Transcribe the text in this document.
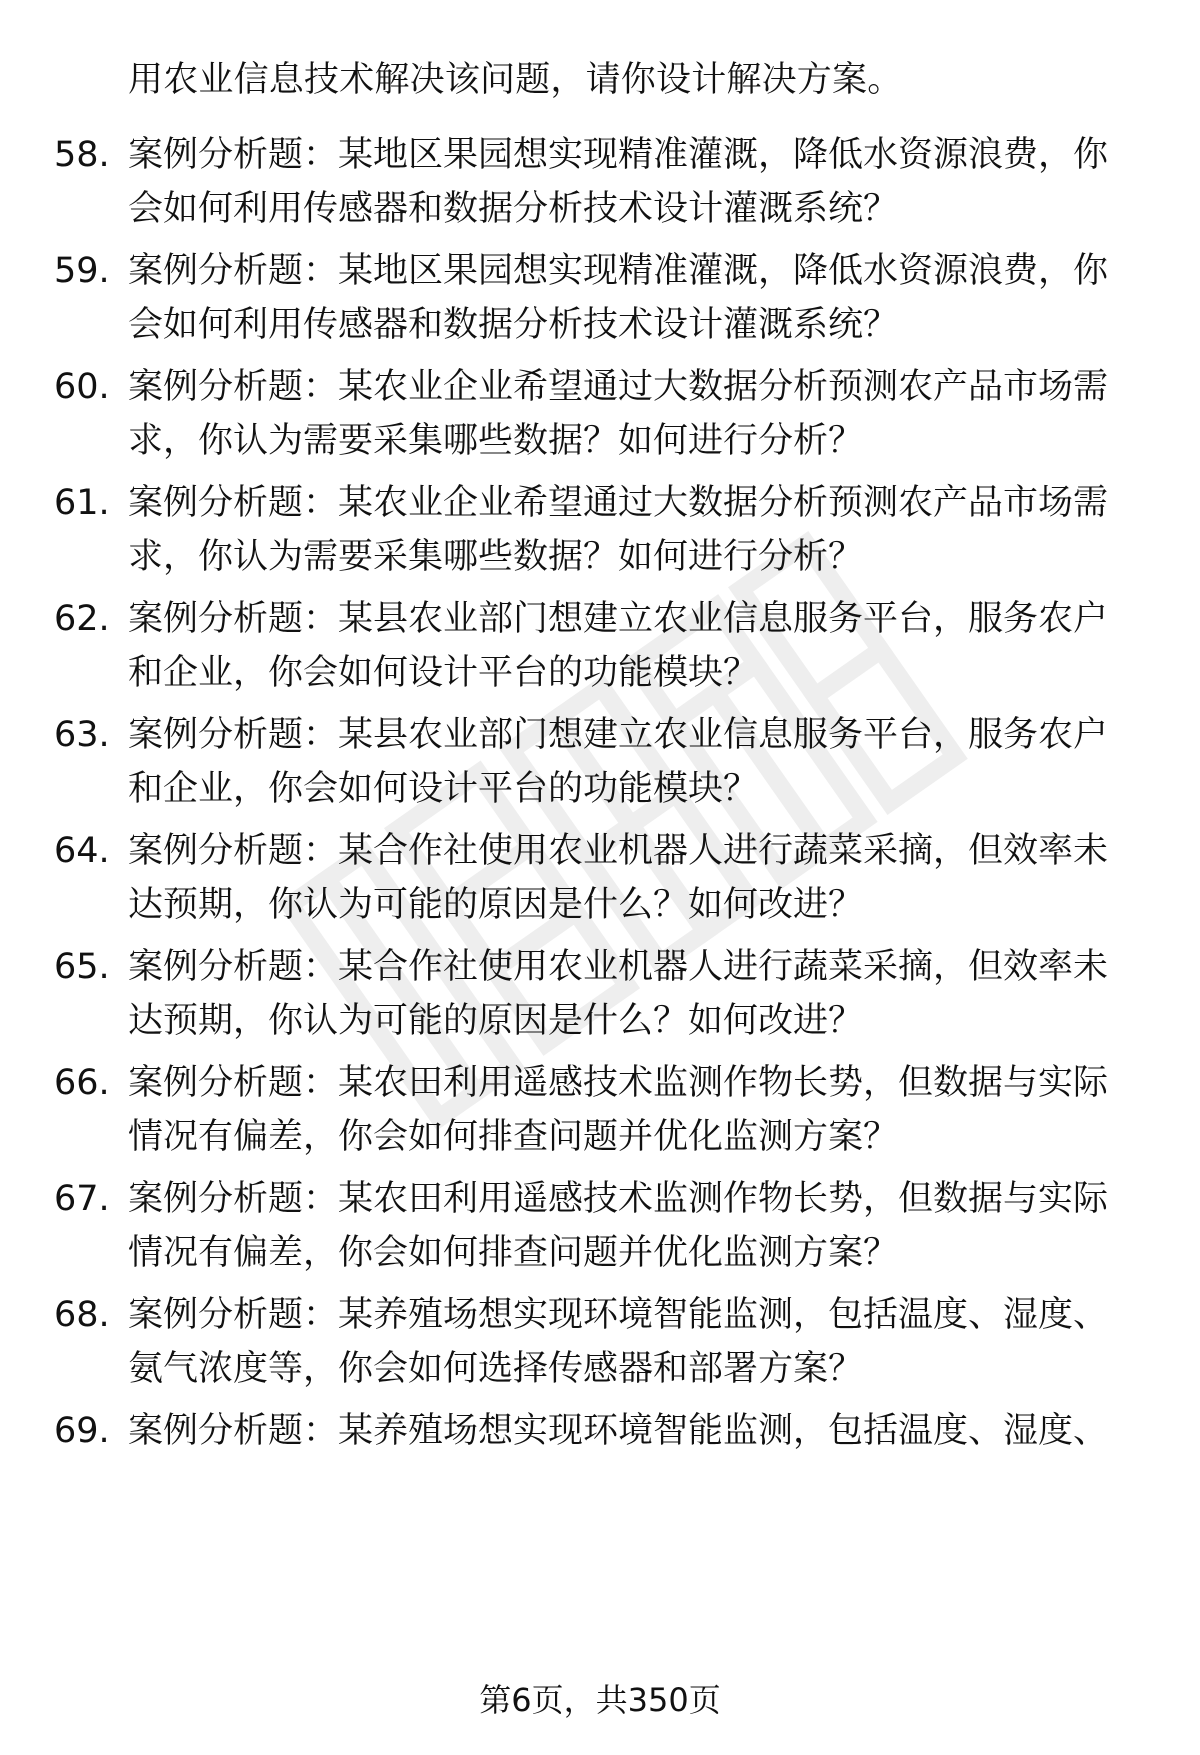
用农业信息技术解决该问题，请你设计解决方案。
58. 案例分析题：某地区果园想实现精准灌溉，降低水资源浪费，你
会如何利用传感器和数据分析技术设计灌溉系统？
59. 案例分析题：某地区果园想实现精准灌溉，降低水资源浪费，你
会如何利用传感器和数据分析技术设计灌溉系统？
60. 案例分析题：某农业企业希望通过大数据分析预测农产品市场需
求，你认为需要采集哪些数据？如何进行分析？
61. 案例分析题：某农业企业希望通过大数据分析预测农产品市场需
求，你认为需要采集哪些数据？如何进行分析？
62. 案例分析题：某县农业部门想建立农业信息服务平台，服务农户
和企业，你会如何设计平台的功能模块？
63. 案例分析题：某县农业部门想建立农业信息服务平台，服务农户
和企业，你会如何设计平台的功能模块？
64. 案例分析题：某合作社使用农业机器人进行蔬菜采摘，但效率未
达预期，你认为可能的原因是什么？如何改进？
65. 案例分析题：某合作社使用农业机器人进行蔬菜采摘，但效率未
达预期，你认为可能的原因是什么？如何改进？
66. 案例分析题：某农田利用遥感技术监测作物长势，但数据与实际
情况有偏差，你会如何排查问题并优化监测方案？
67. 案例分析题：某农田利用遥感技术监测作物长势，但数据与实际
情况有偏差，你会如何排查问题并优化监测方案？
68. 案例分析题：某养殖场想实现环境智能监测，包括温度、湿度、
氨气浓度等，你会如何选择传感器和部署方案？
69. 案例分析题：某养殖场想实现环境智能监测，包括温度、湿度、
第6页，共350页
